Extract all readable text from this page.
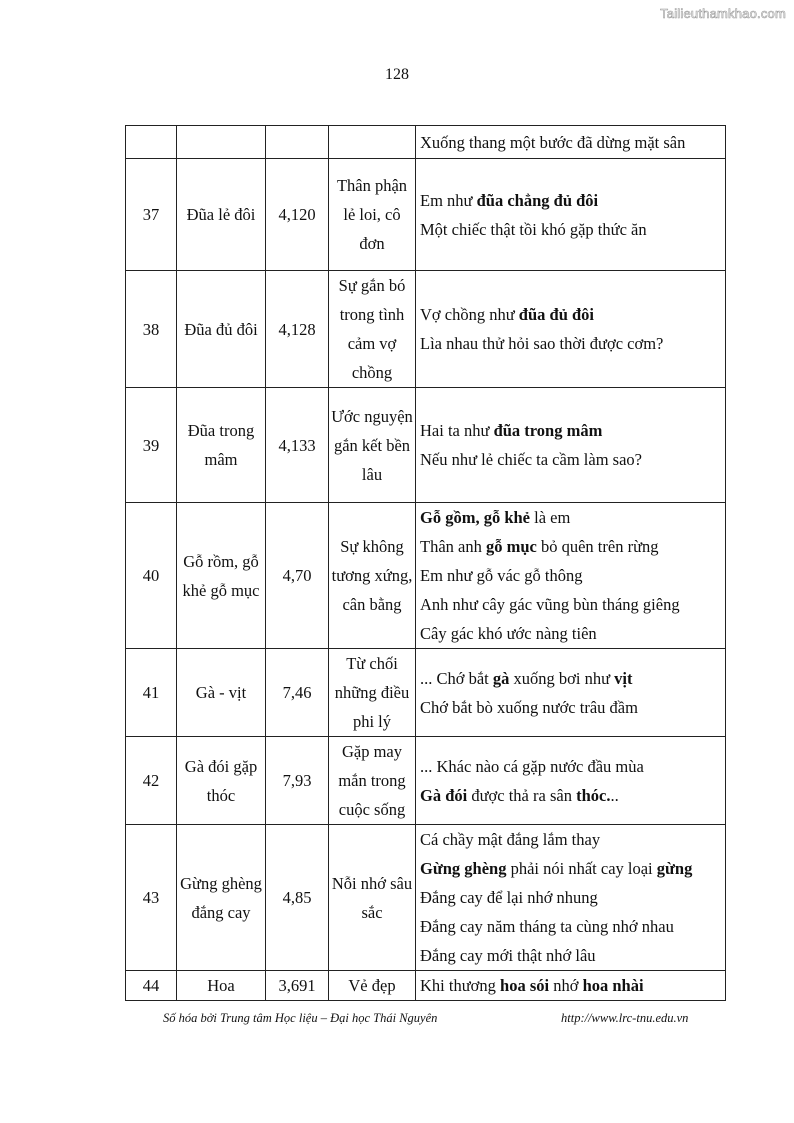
Tailieuthamkhao.com
128

				Xuống thang một bước đã dừng mặt sân

37	Đũa lẻ đôi	4,120	Thân phận lẻ loi, cô đơn	Em như đũa chẳng đủ đôi
Một chiếc thật tồi khó gặp thức ăn

38	Đũa đủ đôi	4,128	Sự gắn bó trong tình cảm vợ chồng	Vợ chồng như đũa đủ đôi
Lìa nhau thử hỏi sao thời được cơm?

39	Đũa trong mâm	4,133	Ước nguyện gắn kết bền lâu	Hai ta như đũa trong mâm
Nếu như lẻ chiếc ta cầm làm sao?

40	Gỗ rồm, gỗ khẻ gỗ mục	4,70	Sự không tương xứng, cân bằng	Gỗ gồm, gỗ khẻ là em
Thân anh gỗ mục bỏ quên trên rừng
Em như gỗ vác gỗ thông
Anh như cây gác vũng bùn tháng giêng
Cây gác khó ước nàng tiên

41	Gà - vịt	7,46	Từ chối những điều phi lý	... Chớ bắt gà xuống bơi như vịt
Chớ bắt bò xuống nước trâu đầm

42	Gà đói gặp thóc	7,93	Gặp may mắn trong cuộc sống	... Khác nào cá gặp nước đầu mùa
Gà đói được thả ra sân thóc...

43	Gừng ghèng đắng cay	4,85	Nỗi nhớ sâu sắc	Cá chầy mật đắng lắm thay
Gừng ghèng phải nói nhất cay loại gừng
Đắng cay để lại nhớ nhung
Đắng cay năm tháng ta cùng nhớ nhau
Đắng cay mới thật nhớ lâu

44	Hoa	3,691	Vẻ đẹp	Khi thương hoa sói nhớ hoa nhài
Số hóa bởi Trung tâm Học liệu – Đại học Thái Nguyên	http://www.lrc-tnu.edu.vn
